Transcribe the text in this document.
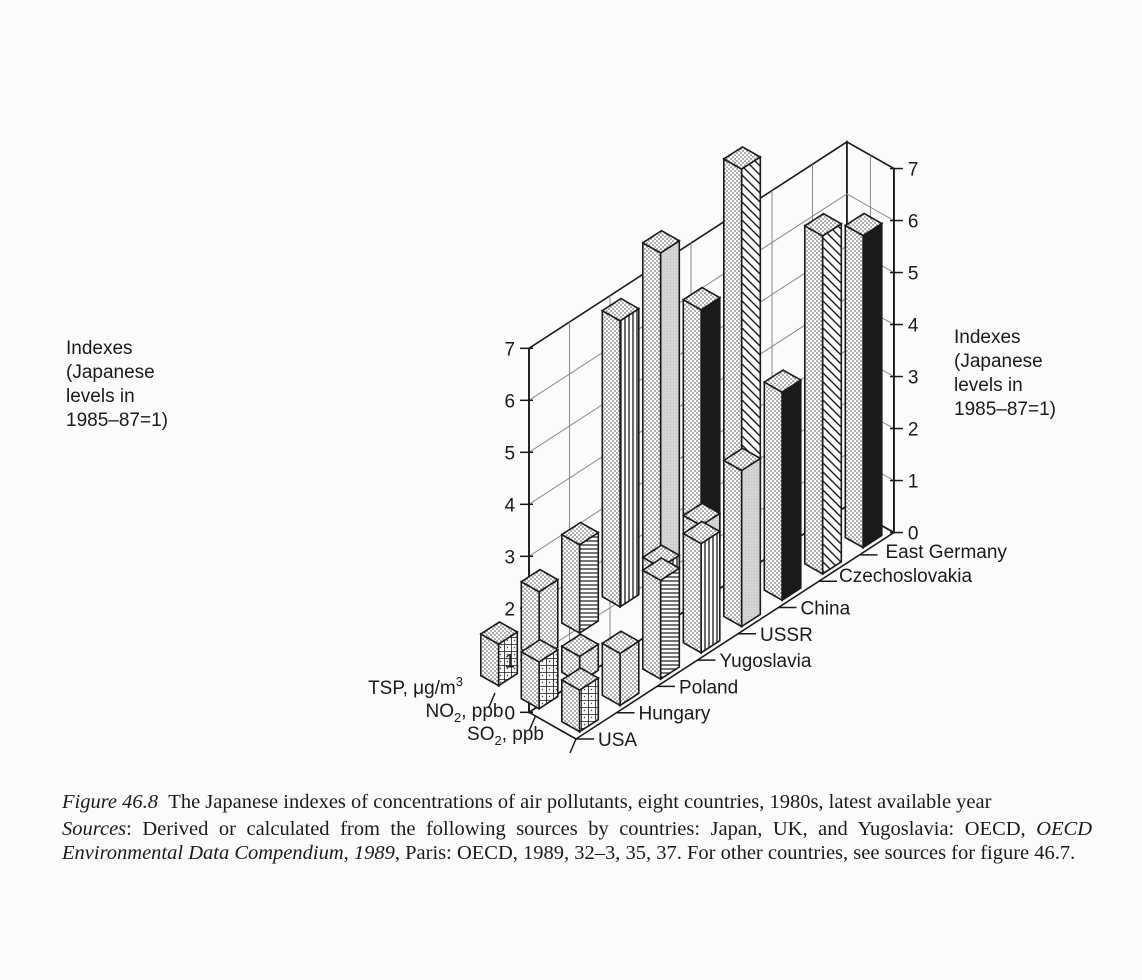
0
0
1
1
2
2
3
3
4
4
5
5
6
6
7
7
USA
Hungary
Poland
Yugoslavia
USSR
China
Czechoslovakia
East Germany
$SO_2$, ppb
$NO_2$, ppb
TSP, $\mu g/m^3$
Indexes
(Japanese
levels in
1985–87=1)
Indexes
(Japanese
levels in
1985–87=1)

Figure 46.8 The Japanese indexes of concentrations of air pollutants, eight countries, 1980s, latest available year

Sources: Derived or calculated from the following sources by countries: Japan, UK, and Yugoslavia: OECD, OECD Environmental Data Compendium, 1989, Paris: OECD, 1989, 32–3, 35, 37. For other countries, see sources for figure 46.7.
